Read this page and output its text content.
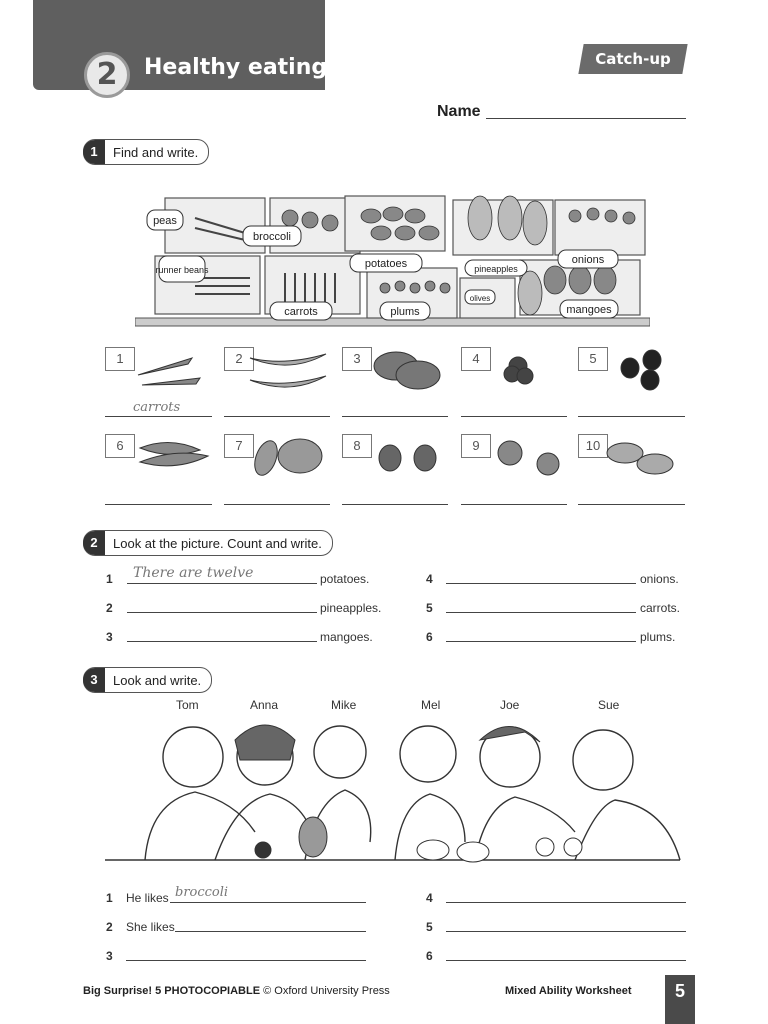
2	Healthy eating	Catch-up
Name
1	Find and write.
peas
broccoli
runner beans	potatoes	pineapples
onions
carrots	plums
olives
mangoes
1	2	3	4	5
carrots
6	7	8	9	10
2	Look at the picture. Count and write.
1 There are twelve	potatoes.	4	onions.
2	pineapples.	5	carrots.
3	mangoes.	6	plums.
3	Look and write.
Tom	Anna	Mike	Mel	Joe	Sue
1 He likes broccoli	4
2 She likes	5
3	6
Big Surprise! 5 PHOTOCOPIABLE © Oxford University Press	Mixed Ability Worksheet	5
